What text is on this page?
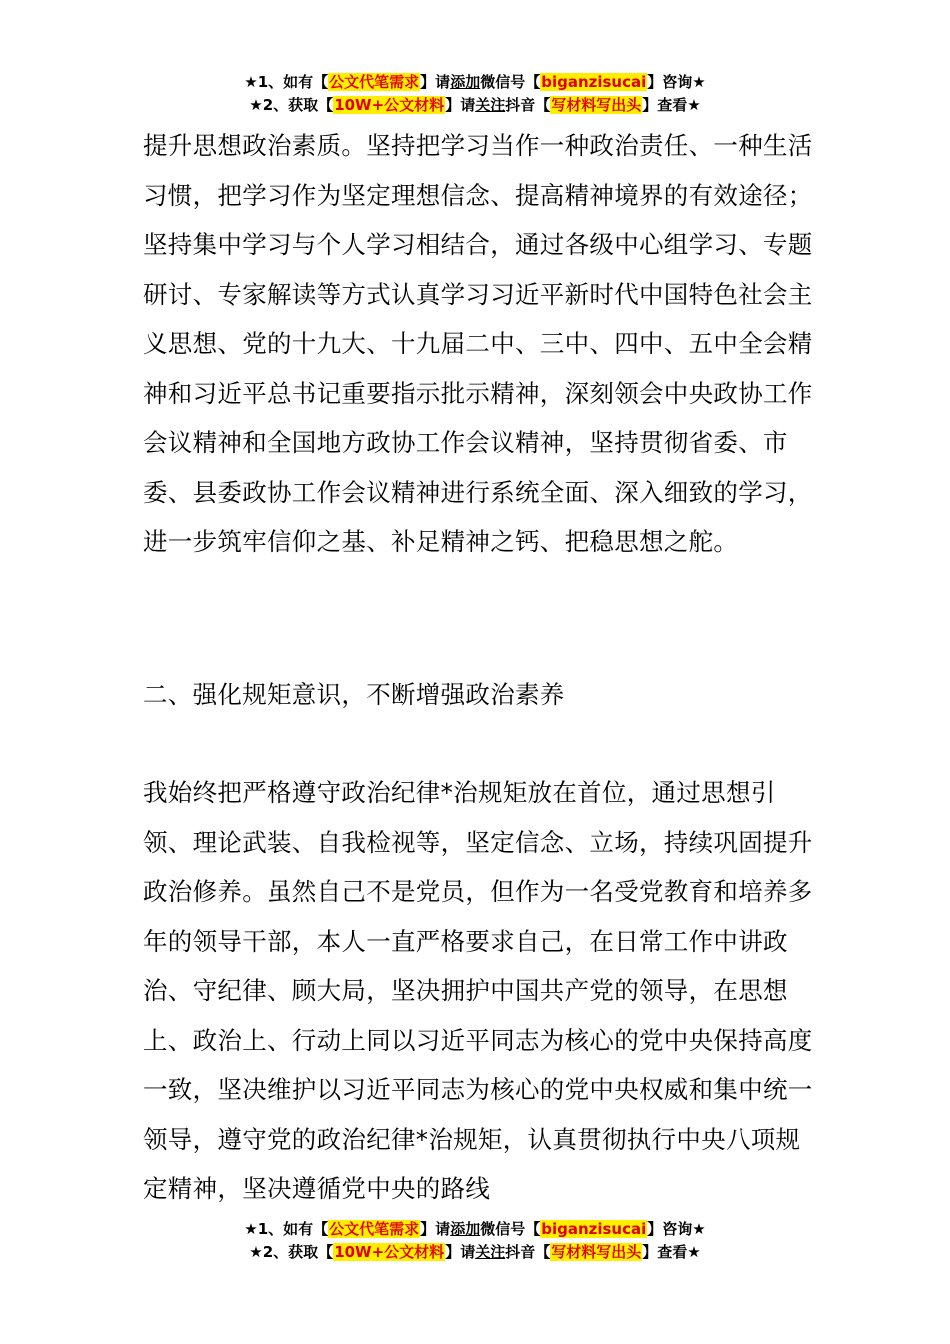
★1、如有【公文代笔需求】请添加微信号【biganzisucai】咨询★
★2、获取【10W+公文材料】请关注抖音【写材料写出头】查看★

提升思想政治素质。坚持把学习当作一种政治责任、一种生活习惯，把学习作为坚定理想信念、提高精神境界的有效途径；坚持集中学习与个人学习相结合，通过各级中心组学习、专题研讨、专家解读等方式认真学习习近平新时代中国特色社会主义思想、党的十九大、十九届二中、三中、四中、五中全会精神和习近平总书记重要指示批示精神，深刻领会中央政协工作会议精神和全国地方政协工作会议精神，坚持贯彻省委、市委、县委政协工作会议精神进行系统全面、深入细致的学习，进一步筑牢信仰之基、补足精神之钙、把稳思想之舵。

二、强化规矩意识，不断增强政治素养

我始终把严格遵守政治纪律*治规矩放在首位，通过思想引领、理论武装、自我检视等，坚定信念、立场，持续巩固提升政治修养。虽然自己不是党员，但作为一名受党教育和培养多年的领导干部，本人一直严格要求自己，在日常工作中讲政治、守纪律、顾大局，坚决拥护中国共产党的领导，在思想上、政治上、行动上同以习近平同志为核心的党中央保持高度一致，坚决维护以习近平同志为核心的党中央权威和集中统一领导，遵守党的政治纪律*治规矩，认真贯彻执行中央八项规定精神，坚决遵循党中央的路线

★1、如有【公文代笔需求】请添加微信号【biganzisucai】咨询★
★2、获取【10W+公文材料】请关注抖音【写材料写出头】查看★
